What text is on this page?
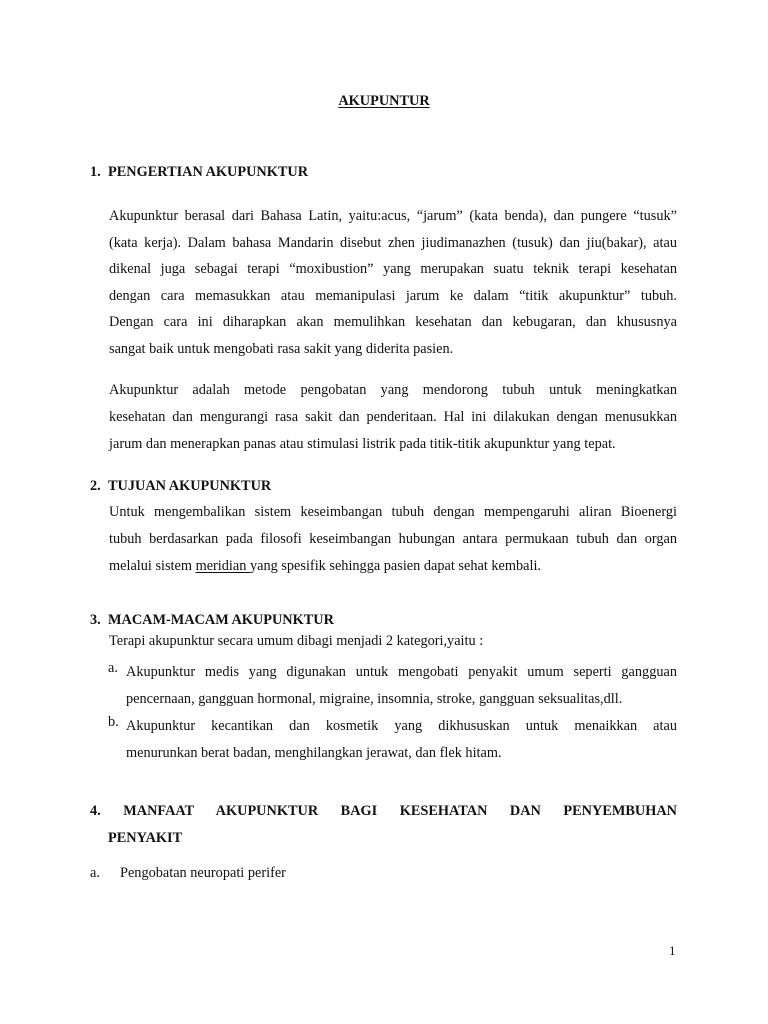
AKUPUNTUR
1. PENGERTIAN AKUPUNKTUR
Akupunktur berasal dari Bahasa Latin, yaitu:acus, “jarum” (kata benda), dan pungere “tusuk”
(kata kerja). Dalam bahasa Mandarin disebut zhen jiudimanazhen (tusuk) dan jiu(bakar), atau
dikenal juga sebagai terapi “moxibustion” yang merupakan suatu teknik terapi kesehatan
dengan cara memasukkan atau memanipulasi jarum ke dalam “titik akupunktur” tubuh.
Dengan cara ini diharapkan akan memulihkan kesehatan dan kebugaran, dan khususnya
sangat baik untuk mengobati rasa sakit yang diderita pasien.
Akupunktur adalah metode pengobatan yang mendorong tubuh untuk meningkatkan
kesehatan dan mengurangi rasa sakit dan penderitaan. Hal ini dilakukan dengan menusukkan
jarum dan menerapkan panas atau stimulasi listrik pada titik-titik akupunktur yang tepat.
2. TUJUAN AKUPUNKTUR
Untuk mengembalikan sistem keseimbangan tubuh dengan mempengaruhi aliran Bioenergi
tubuh berdasarkan pada filosofi keseimbangan hubungan antara permukaan tubuh dan organ
melalui sistem meridian yang spesifik sehingga pasien dapat sehat kembali.
3. MACAM-MACAM AKUPUNKTUR
Terapi akupunktur secara umum dibagi menjadi 2 kategori,yaitu :
a. Akupunktur medis yang digunakan untuk mengobati penyakit umum seperti gangguan
pencernaan, gangguan hormonal, migraine, insomnia, stroke, gangguan seksualitas,dll.
b. Akupunktur kecantikan dan kosmetik yang dikhususkan untuk menaikkan atau
menurunkan berat badan, menghilangkan jerawat, dan flek hitam.
4. MANFAAT AKUPUNKTUR BAGI KESEHATAN DAN PENYEMBUHAN
PENYAKIT
a. Pengobatan neuropati perifer
1
